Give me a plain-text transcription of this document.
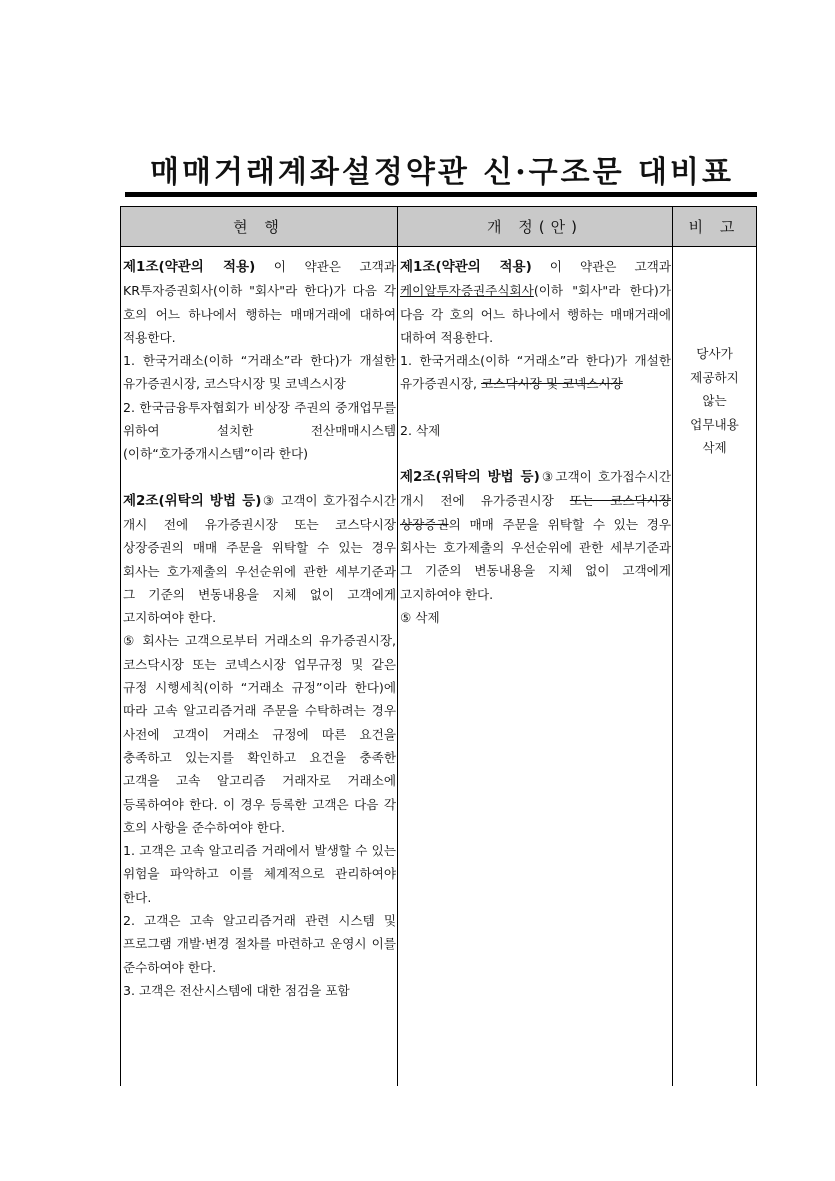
매매거래계좌설정약관 신·구조문 대비표
현 행	개 정(안)	비 고

제1조(약관의 적용) 이 약관은 고객과 KR투자증권회사(이하 "회사"라 한다)가 다음 각 호의 어느 하나에서 행하는 매매거래에 대하여 적용한다.

1. 한국거래소(이하 “거래소”라 한다)가 개설한 유가증권시장, 코스닥시장 및 코넥스시장

2. 한국금융투자협회가 비상장 주권의 중개업무를 위하여 설치한 전산매매시스템(이하“호가중개시스템”이라 한다)

제2조(위탁의 방법 등)③ 고객이 호가접수시간 개시 전에 유가증권시장 또는 코스닥시장 상장증권의 매매 주문을 위탁할 수 있는 경우 회사는 호가제출의 우선순위에 관한 세부기준과 그 기준의 변동내용을 지체 없이 고객에게 고지하여야 한다.

⑤ 회사는 고객으로부터 거래소의 유가증권시장, 코스닥시장 또는 코넥스시장 업무규정 및 같은 규정 시행세칙(이하 “거래소 규정”이라 한다)에 따라 고속 알고리즘거래 주문을 수탁하려는 경우 사전에 고객이 거래소 규정에 따른 요건을 충족하고 있는지를 확인하고 요건을 충족한 고객을 고속 알고리즘 거래자로 거래소에 등록하여야 한다. 이 경우 등록한 고객은 다음 각 호의 사항을 준수하여야 한다.

1. 고객은 고속 알고리즘 거래에서 발생할 수 있는 위험을 파악하고 이를 체계적으로 관리하여야 한다.

2. 고객은 고속 알고리즘거래 관련 시스템 및 프로그램 개발·변경 절차를 마련하고 운영시 이를 준수하여야 한다.

3. 고객은 전산시스템에 대한 점검을 포함

제1조(약관의 적용) 이 약관은 고객과 케이알투자증권주식회사(이하 "회사"라 한다)가 다음 각 호의 어느 하나에서 행하는 매매거래에 대하여 적용한다.

1. 한국거래소(이하 “거래소”라 한다)가 개설한 유가증권시장, 코스닥시장 및 코넥스시장

2. 삭제

제2조(위탁의 방법 등)③고객이 호가접수시간 개시 전에 유가증권시장 또는 코스닥시장 상장증권의 매매 주문을 위탁할 수 있는 경우 회사는 호가제출의 우선순위에 관한 세부기준과 그 기준의 변동내용을 지체 없이 고객에게 고지하여야 한다.

⑤ 삭제

당사가
제공하지
않는
업무내용
삭제
